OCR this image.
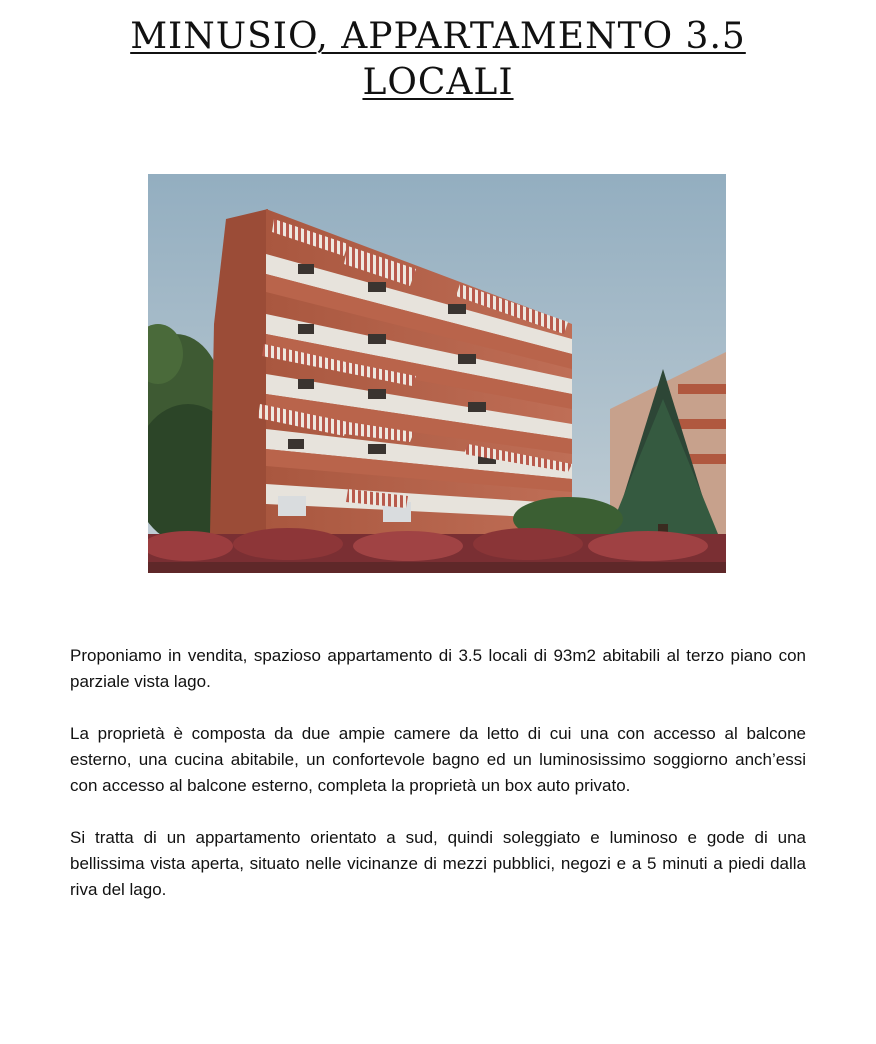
MINUSIO, APPARTAMENTO 3.5
LOCALI

Proponiamo in vendita, spazioso appartamento di 3.5 locali di 93m2 abitabili al terzo piano con parziale vista lago.

La proprietà è composta da due ampie camere da letto di cui una con accesso al balcone esterno, una cucina abitabile, un confortevole bagno ed un luminosissimo soggiorno anch’essi con accesso al balcone esterno, completa la proprietà un box auto privato.

Si tratta di un appartamento orientato a sud, quindi soleggiato e luminoso e gode di una bellissima vista aperta, situato nelle vicinanze di mezzi pubblici, negozi e a 5 minuti a piedi dalla riva del lago.
